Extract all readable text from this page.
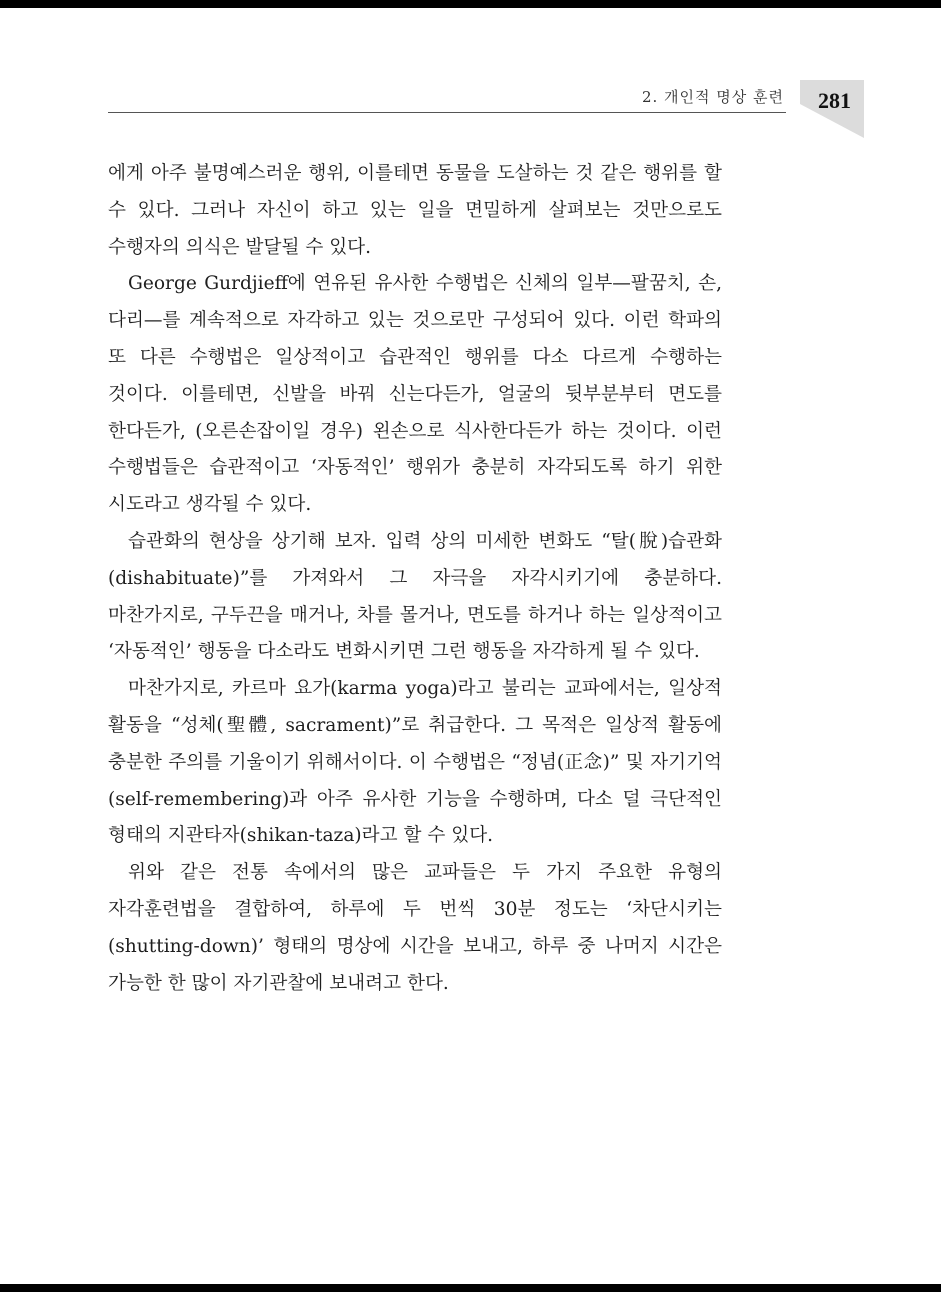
2. 개인적 명상 훈련 281

에게 아주 불명예스러운 행위, 이를테면 동물을 도살하는 것 같은 행위를 할 수 있다. 그러나 자신이 하고 있는 일을 면밀하게 살펴보는 것만으로도 수행자의 의식은 발달될 수 있다.

George Gurdjieff에 연유된 유사한 수행법은 신체의 일부—팔꿈치, 손, 다리—를 계속적으로 자각하고 있는 것으로만 구성되어 있다. 이런 학파의 또 다른 수행법은 일상적이고 습관적인 행위를 다소 다르게 수행하는 것이다. 이를테면, 신발을 바꿔 신는다든가, 얼굴의 뒷부분부터 면도를 한다든가, (오른손잡이일 경우) 왼손으로 식사한다든가 하는 것이다. 이런 수행법들은 습관적이고 ‘자동적인’ 행위가 충분히 자각되도록 하기 위한 시도라고 생각될 수 있다.

습관화의 현상을 상기해 보자. 입력 상의 미세한 변화도 “탈(脫)습관화(dishabituate)”를 가져와서 그 자극을 자각시키기에 충분하다. 마찬가지로, 구두끈을 매거나, 차를 몰거나, 면도를 하거나 하는 일상적이고 ‘자동적인’ 행동을 다소라도 변화시키면 그런 행동을 자각하게 될 수 있다.

마찬가지로, 카르마 요가(karma yoga)라고 불리는 교파에서는, 일상적 활동을 “성체(聖體, sacrament)”로 취급한다. 그 목적은 일상적 활동에 충분한 주의를 기울이기 위해서이다. 이 수행법은 “정념(正念)” 및 자기기억(self-remembering)과 아주 유사한 기능을 수행하며, 다소 덜 극단적인 형태의 지관타자(shikan-taza)라고 할 수 있다.

위와 같은 전통 속에서의 많은 교파들은 두 가지 주요한 유형의 자각훈련법을 결합하여, 하루에 두 번씩 30분 정도는 ‘차단시키는(shutting-down)’ 형태의 명상에 시간을 보내고, 하루 중 나머지 시간은 가능한 한 많이 자기관찰에 보내려고 한다.
